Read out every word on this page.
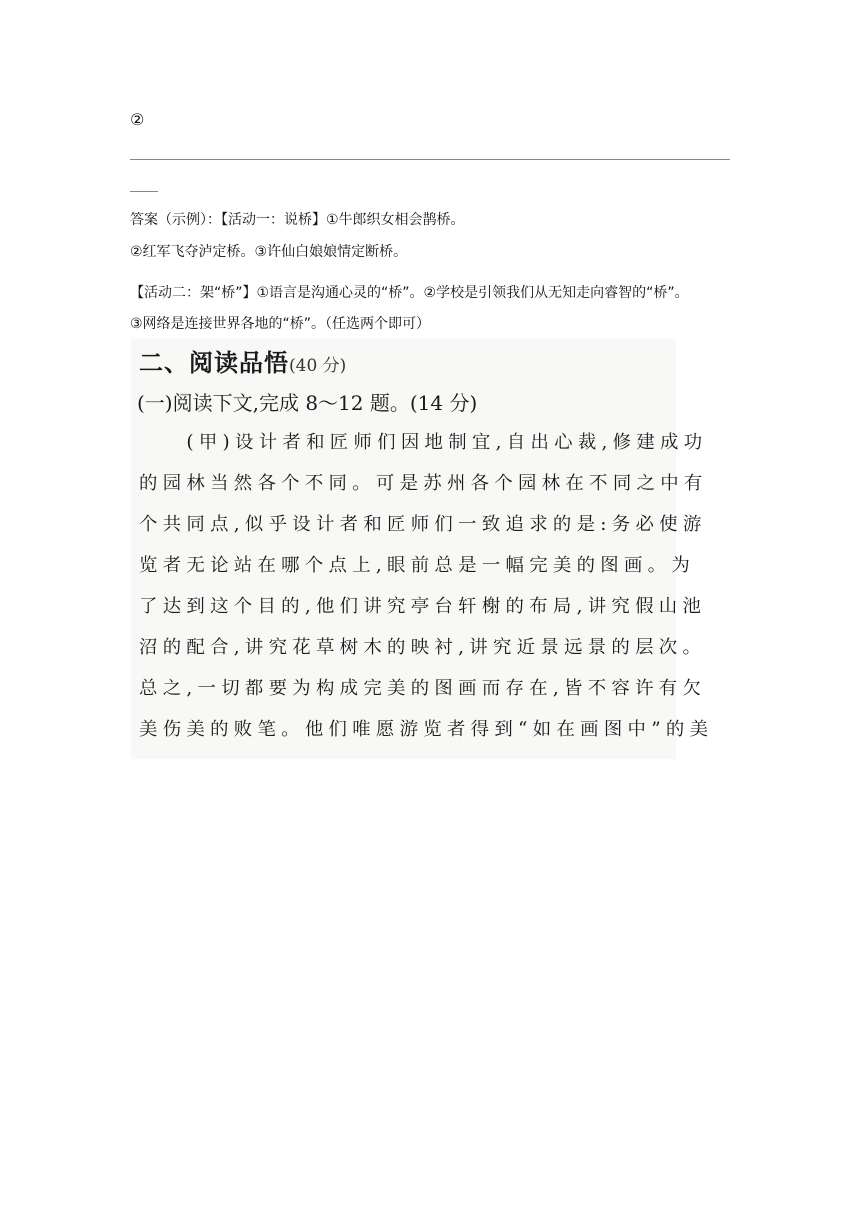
②
答案（示例）：【活动一：说桥】①牛郎织女相会鹊桥。
②红军飞夺泸定桥。③许仙白娘娘情定断桥。
【活动二：架“桥”】①语言是沟通心灵的“桥”。②学校是引领我们从无知走向睿智的“桥”。
③网络是连接世界各地的“桥”。（任选两个即可）
二、阅读品悟(40 分)
(一)阅读下文,完成 8～12 题。(14 分)
　　(甲)设计者和匠师们因地制宜,自出心裁,修建成功
的园林当然各个不同。可是苏州各个园林在不同之中有
个共同点,似乎设计者和匠师们一致追求的是:务必使游
览者无论站在哪个点上,眼前总是一幅完美的图画。为
了达到这个目的,他们讲究亭台轩榭的布局,讲究假山池
沼的配合,讲究花草树木的映衬,讲究近景远景的层次。
总之,一切都要为构成完美的图画而存在,皆不容许有欠
美伤美的败笔。他们唯愿游览者得到“如在画图中”的美
